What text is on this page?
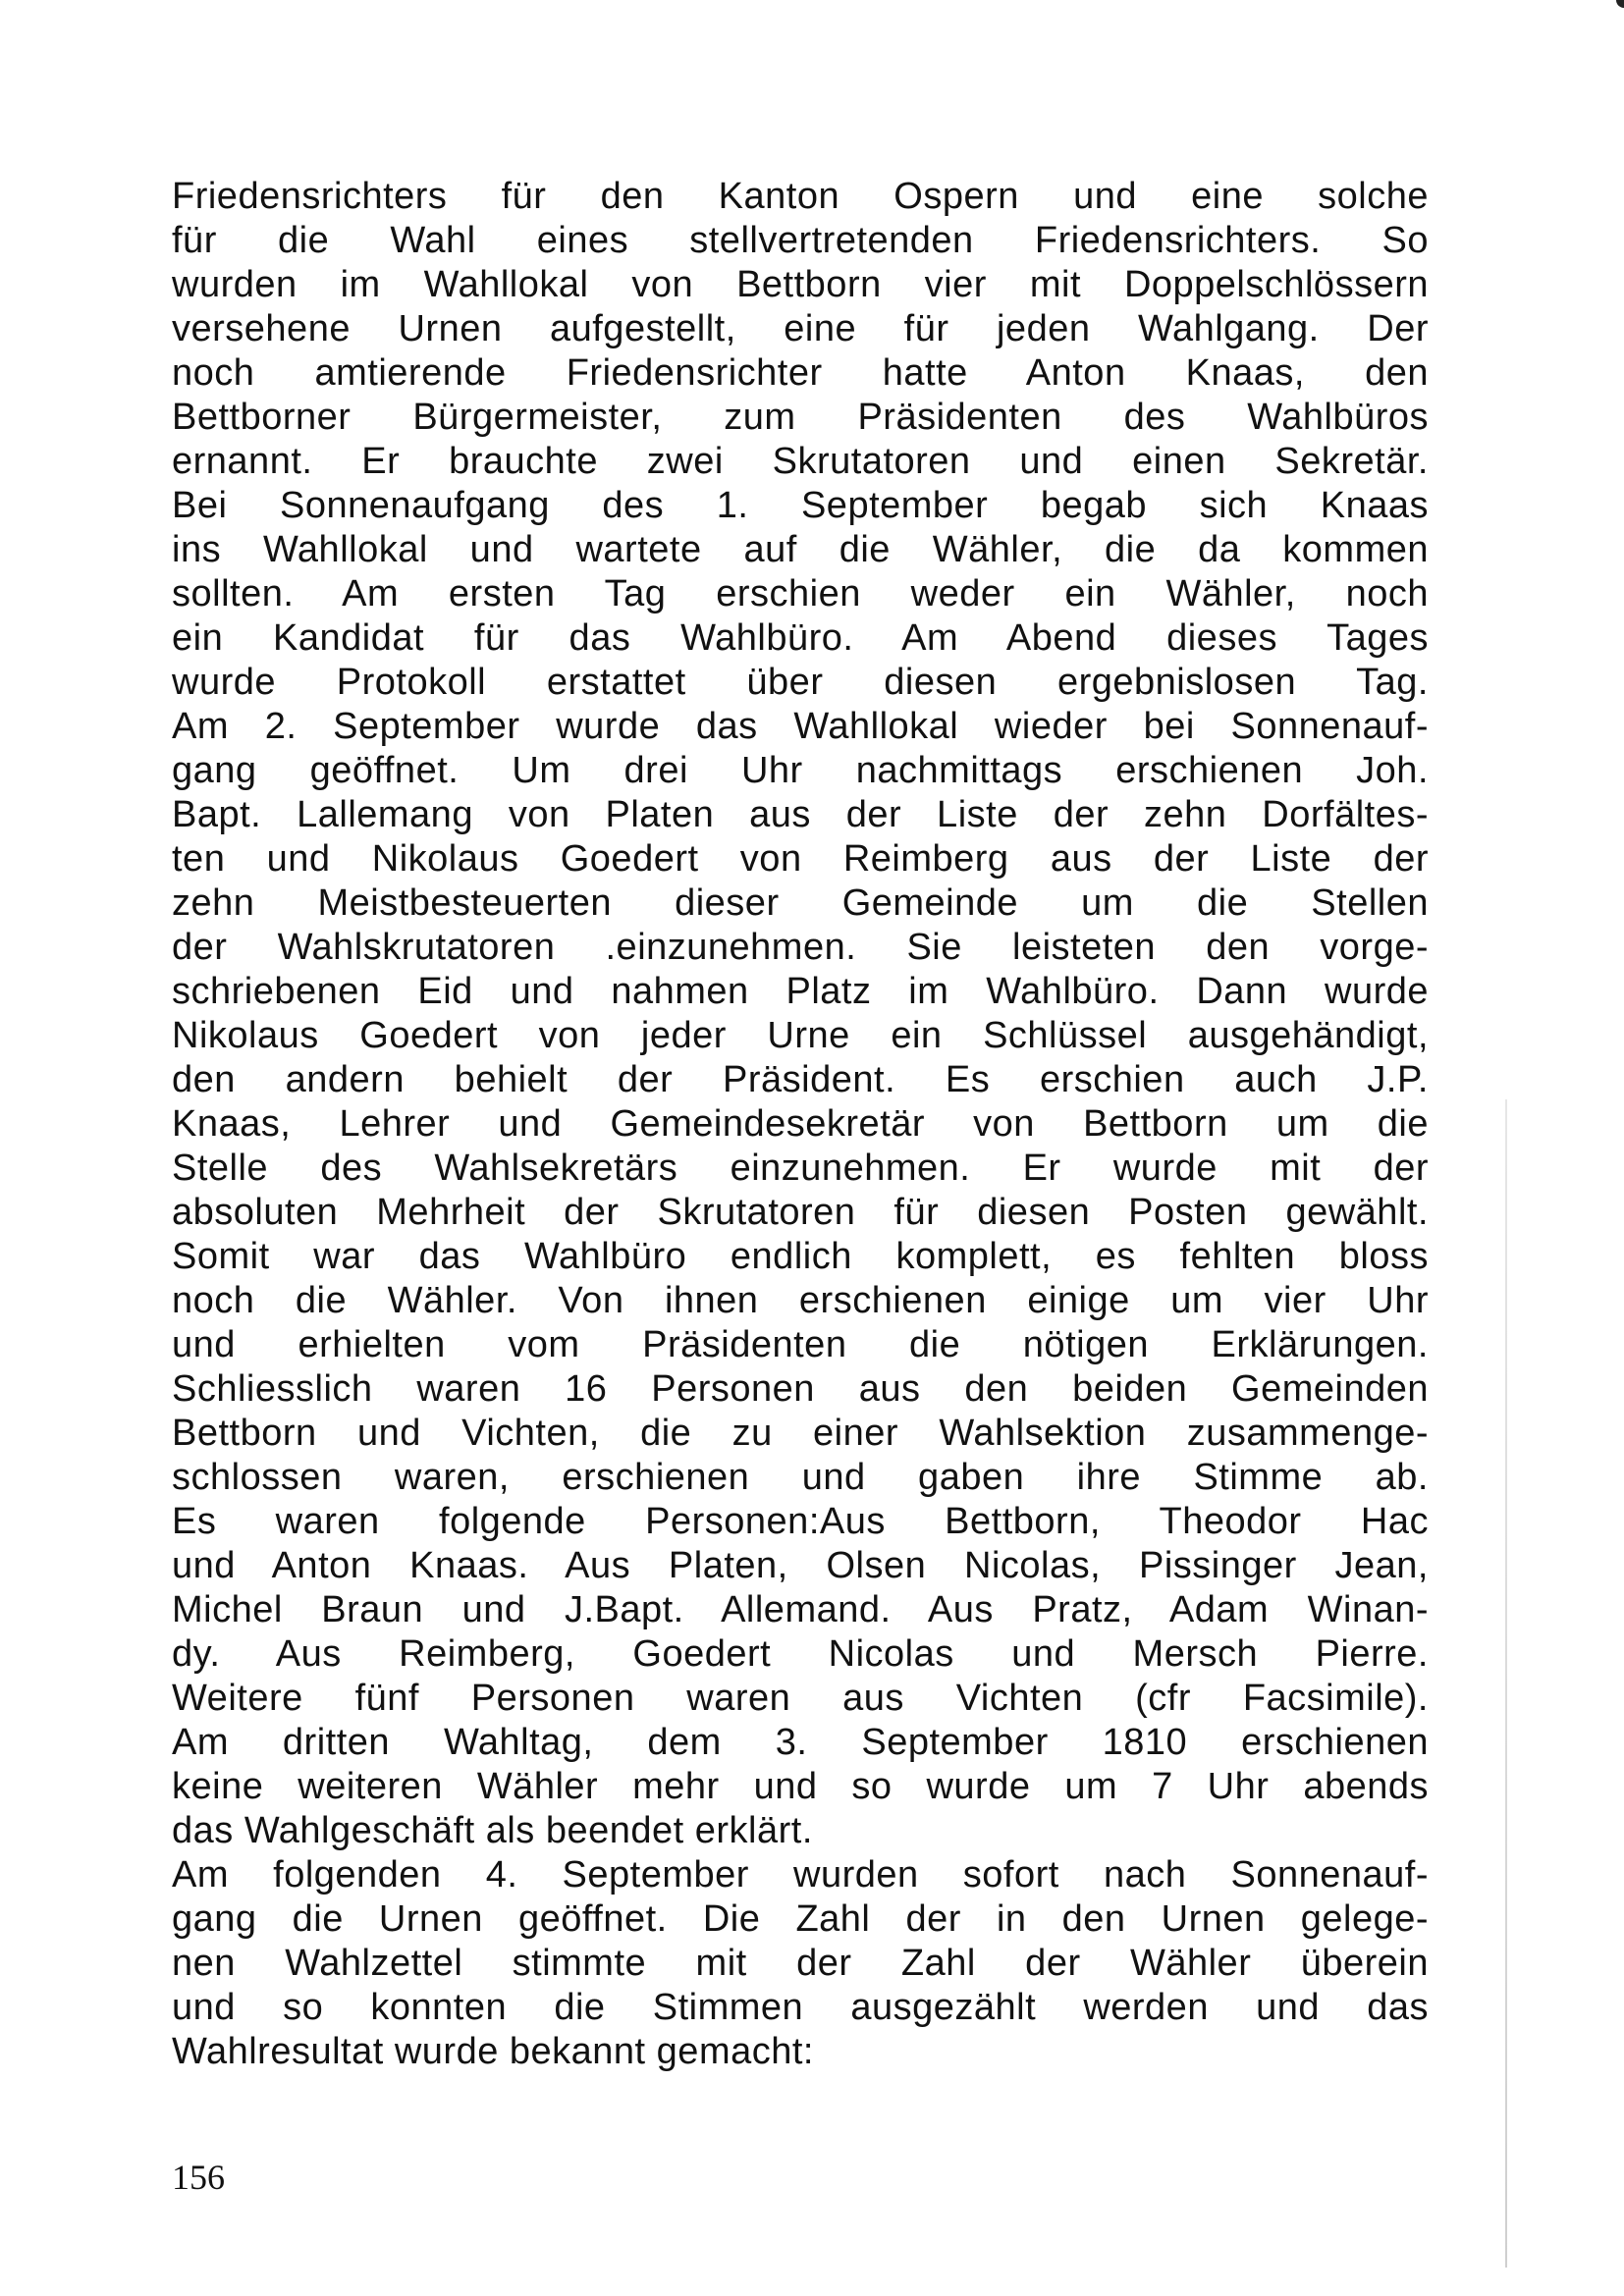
Friedensrichters für den Kanton Ospern und eine solche
für die Wahl eines stellvertretenden Friedensrichters. So
wurden im Wahllokal von Bettborn vier mit Doppelschlössern
versehene Urnen aufgestellt, eine für jeden Wahlgang. Der
noch amtierende Friedensrichter hatte Anton Knaas, den
Bettborner Bürgermeister, zum Präsidenten des Wahlbüros
ernannt. Er brauchte zwei Skrutatoren und einen Sekretär.
Bei Sonnenaufgang des 1. September begab sich Knaas
ins Wahllokal und wartete auf die Wähler, die da kommen
sollten. Am ersten Tag erschien weder ein Wähler, noch
ein Kandidat für das Wahlbüro. Am Abend dieses Tages
wurde Protokoll erstattet über diesen ergebnislosen Tag.
Am 2. September wurde das Wahllokal wieder bei Sonnenauf-
gang geöffnet. Um drei Uhr nachmittags erschienen Joh.
Bapt. Lallemang von Platen aus der Liste der zehn Dorfältes-
ten und Nikolaus Goedert von Reimberg aus der Liste der
zehn Meistbesteuerten dieser Gemeinde um die Stellen
der Wahlskrutatoren .einzunehmen. Sie leisteten den vorge-
schriebenen Eid und nahmen Platz im Wahlbüro. Dann wurde
Nikolaus Goedert von jeder Urne ein Schlüssel ausgehändigt,
den andern behielt der Präsident. Es erschien auch J.P.
Knaas, Lehrer und Gemeindesekretär von Bettborn um die
Stelle des Wahlsekretärs einzunehmen. Er wurde mit der
absoluten Mehrheit der Skrutatoren für diesen Posten gewählt.
Somit war das Wahlbüro endlich komplett, es fehlten bloss
noch die Wähler. Von ihnen erschienen einige um vier Uhr
und erhielten vom Präsidenten die nötigen Erklärungen.
Schliesslich waren 16 Personen aus den beiden Gemeinden
Bettborn und Vichten, die zu einer Wahlsektion zusammenge-
schlossen waren, erschienen und gaben ihre Stimme ab.
Es waren folgende Personen:Aus Bettborn, Theodor Hac
und Anton Knaas. Aus Platen, Olsen Nicolas, Pissinger Jean,
Michel Braun und J.Bapt. Allemand. Aus Pratz, Adam Winan-
dy. Aus Reimberg, Goedert Nicolas und Mersch Pierre.
Weitere fünf Personen waren aus Vichten (cfr Facsimile).
Am dritten Wahltag, dem 3. September 1810 erschienen
keine weiteren Wähler mehr und so wurde um 7 Uhr abends
das Wahlgeschäft als beendet erklärt.
Am folgenden 4. September wurden sofort nach Sonnenauf-
gang die Urnen geöffnet. Die Zahl der in den Urnen gelege-
nen Wahlzettel stimmte mit der Zahl der Wähler überein
und so konnten die Stimmen ausgezählt werden und das
Wahlresultat wurde bekannt gemacht:
156
